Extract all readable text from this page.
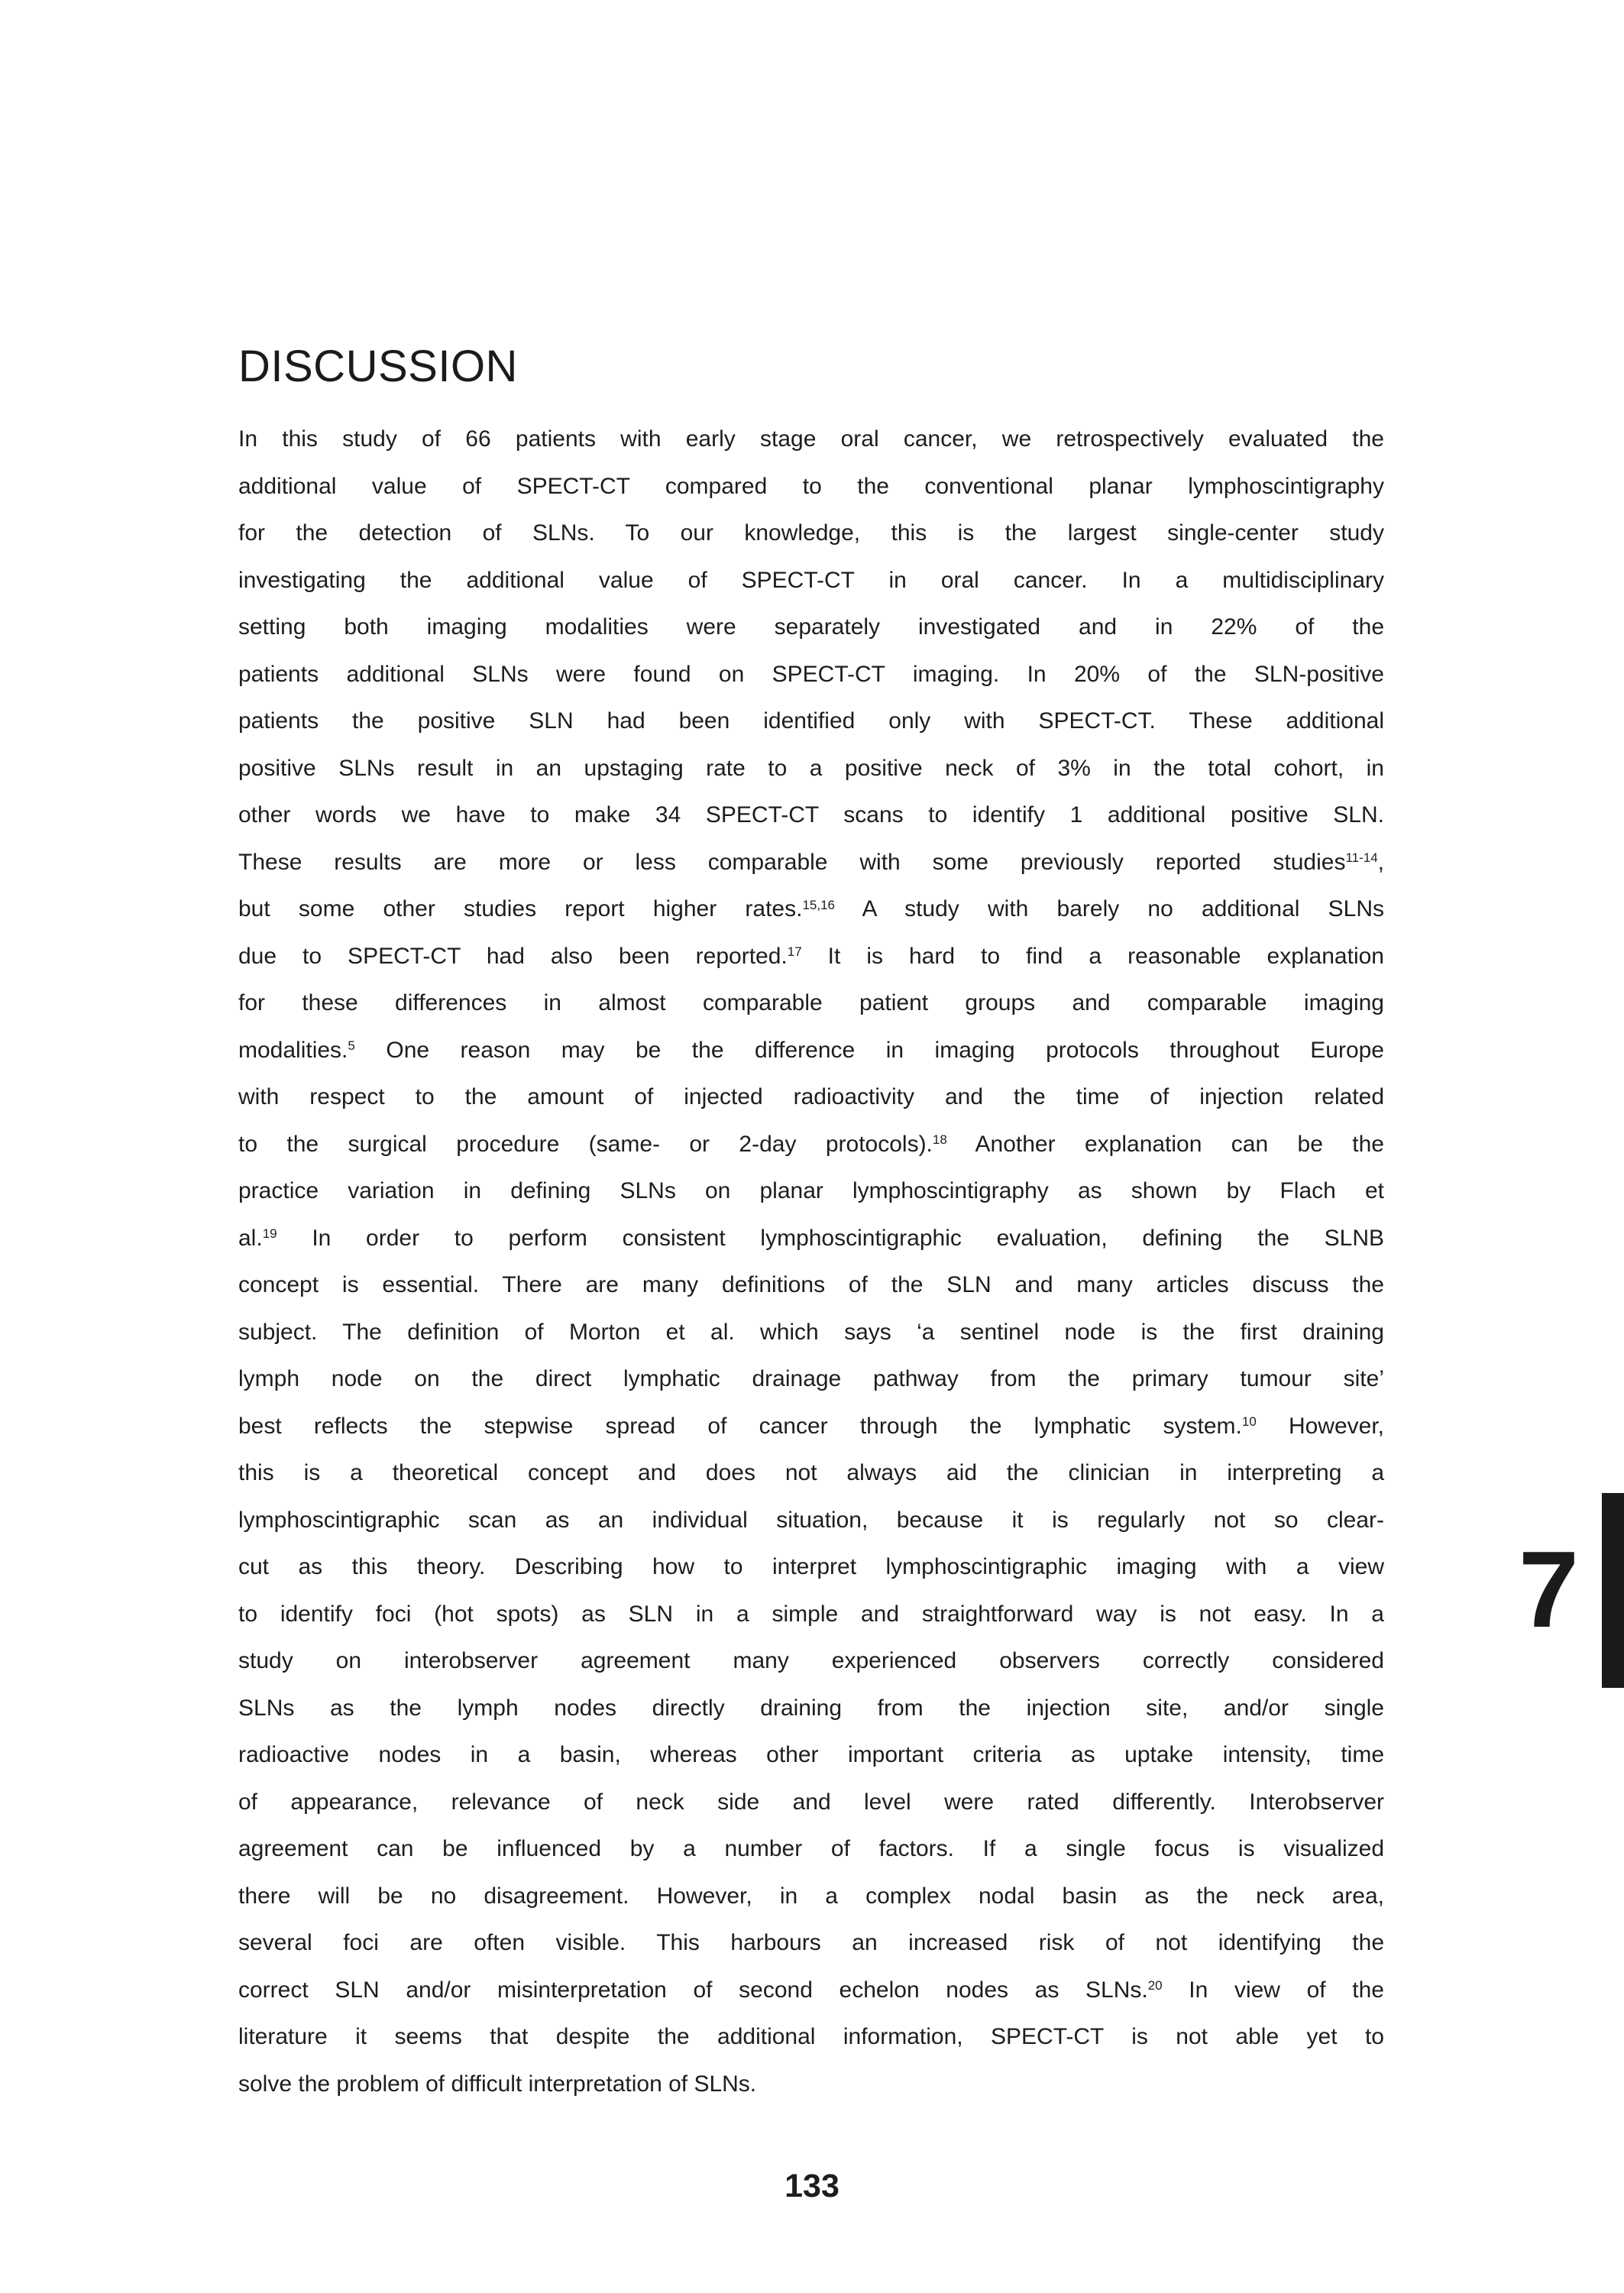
DISCUSSION
In this study of 66 patients with early stage oral cancer, we retrospectively evaluated the
additional value of SPECT-CT compared to the conventional planar lymphoscintigraphy
for the detection of SLNs. To our knowledge, this is the largest single-center study
investigating the additional value of SPECT-CT in oral cancer. In a multidisciplinary
setting both imaging modalities were separately investigated and in 22% of the
patients additional SLNs were found on SPECT-CT imaging. In 20% of the SLN-positive
patients the positive SLN had been identified only with SPECT-CT. These additional
positive SLNs result in an upstaging rate to a positive neck of 3% in the total cohort, in
other words we have to make 34 SPECT-CT scans to identify 1 additional positive SLN.
These results are more or less comparable with some previously reported studies$^{11-14}$,
but some other studies report higher rates.$^{15,16}$ A study with barely no additional SLNs
due to SPECT-CT had also been reported.$^{17}$ It is hard to find a reasonable explanation
for these differences in almost comparable patient groups and comparable imaging
modalities.$^5$ One reason may be the difference in imaging protocols throughout Europe
with respect to the amount of injected radioactivity and the time of injection related
to the surgical procedure (same- or 2-day protocols).$^{18}$ Another explanation can be the
practice variation in defining SLNs on planar lymphoscintigraphy as shown by Flach et
al.$^{19}$ In order to perform consistent lymphoscintigraphic evaluation, defining the SLNB
concept is essential. There are many definitions of the SLN and many articles discuss the
subject. The definition of Morton et al. which says ‘a sentinel node is the first draining
lymph node on the direct lymphatic drainage pathway from the primary tumour site’
best reflects the stepwise spread of cancer through the lymphatic system.$^{10}$ However,
this is a theoretical concept and does not always aid the clinician in interpreting a
lymphoscintigraphic scan as an individual situation, because it is regularly not so clear-
cut as this theory. Describing how to interpret lymphoscintigraphic imaging with a view
to identify foci (hot spots) as SLN in a simple and straightforward way is not easy. In a
study on interobserver agreement many experienced observers correctly considered
SLNs as the lymph nodes directly draining from the injection site, and/or single
radioactive nodes in a basin, whereas other important criteria as uptake intensity, time
of appearance, relevance of neck side and level were rated differently. Interobserver
agreement can be influenced by a number of factors. If a single focus is visualized
there will be no disagreement. However, in a complex nodal basin as the neck area,
several foci are often visible. This harbours an increased risk of not identifying the
correct SLN and/or misinterpretation of second echelon nodes as SLNs.$^{20}$ In view of the
literature it seems that despite the additional information, SPECT-CT is not able yet to
solve the problem of difficult interpretation of SLNs.
7
133
